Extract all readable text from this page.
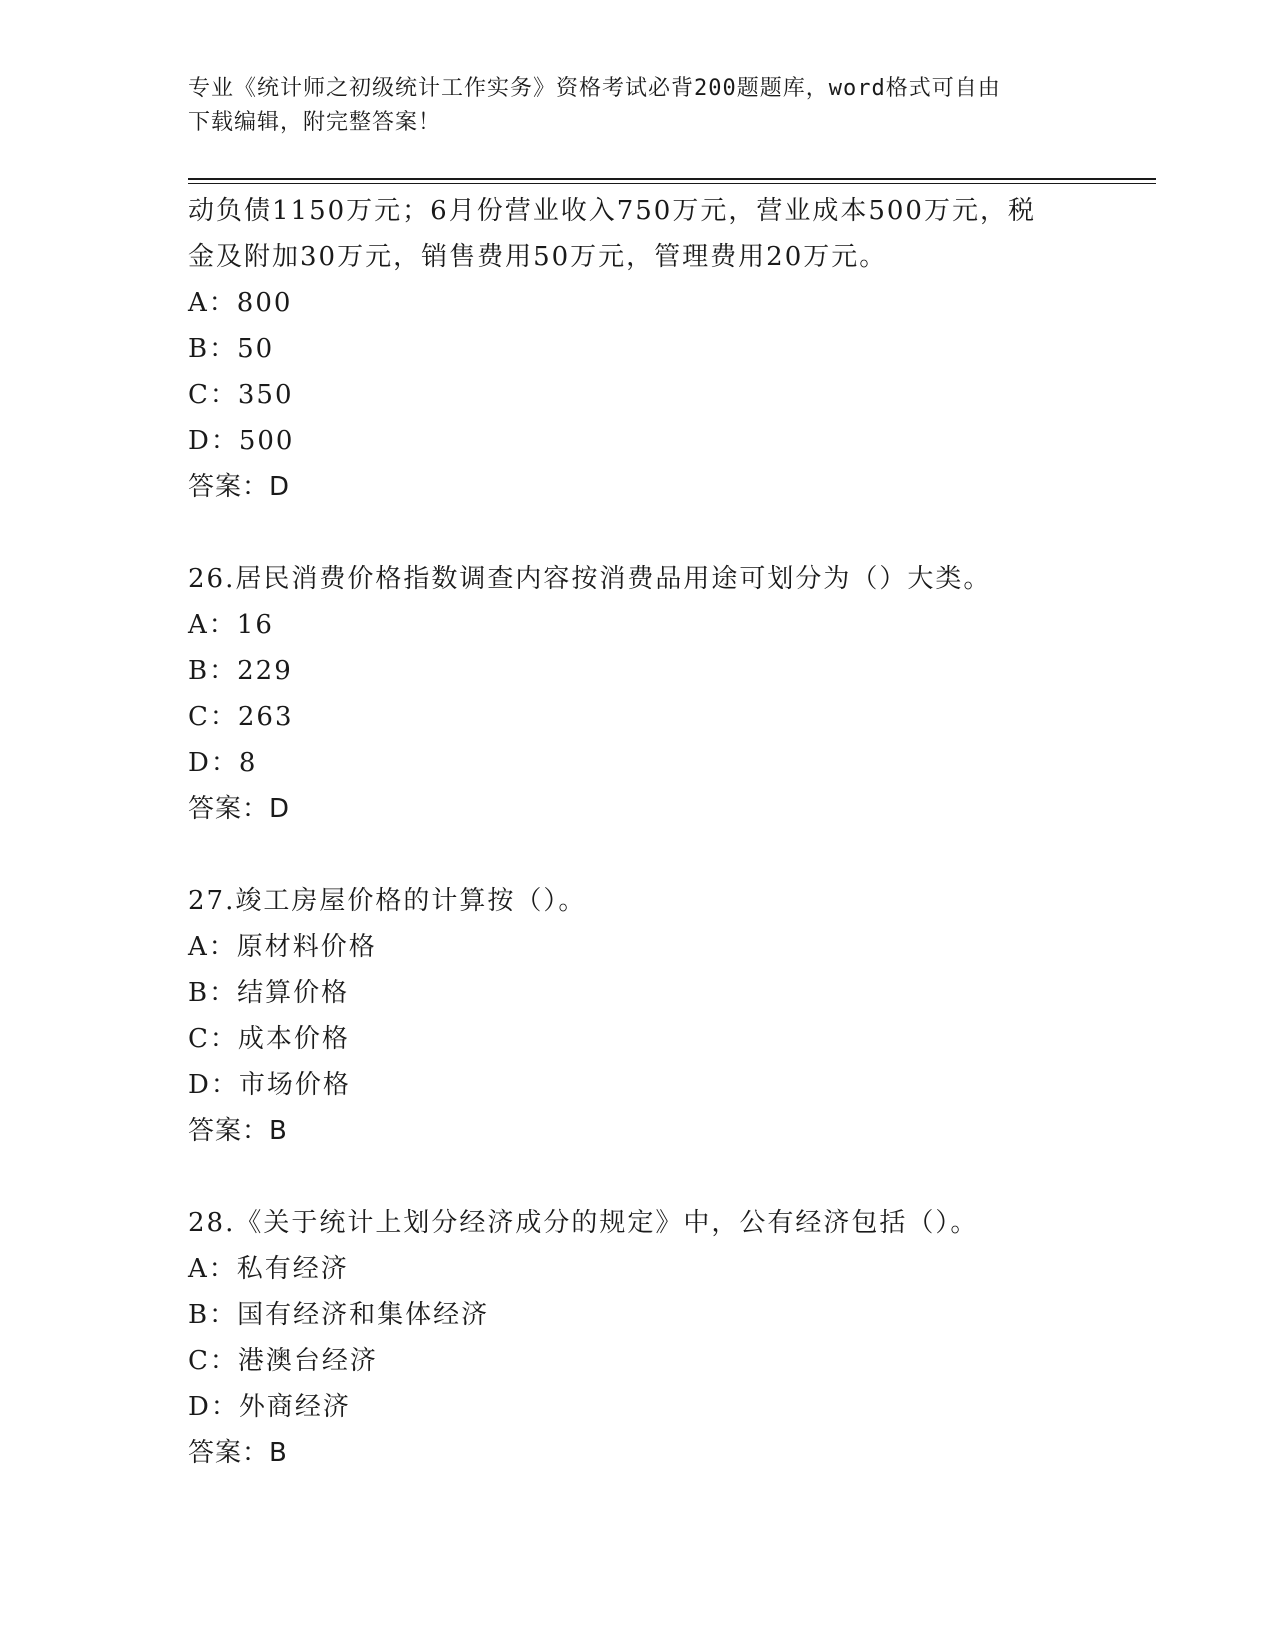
专业《统计师之初级统计工作实务》资格考试必背200题题库，word格式可自由
下载编辑，附完整答案！
动负债1150万元；6月份营业收入750万元，营业成本500万元，税
金及附加30万元，销售费用50万元，管理费用20万元。
A：800
B：50
C：350
D：500
答案：D
26.居民消费价格指数调查内容按消费品用途可划分为（）大类。
A：16
B：229
C：263
D：8
答案：D
27.竣工房屋价格的计算按（）。
A：原材料价格
B：结算价格
C：成本价格
D：市场价格
答案：B
28.《关于统计上划分经济成分的规定》中，公有经济包括（）。
A：私有经济
B：国有经济和集体经济
C：港澳台经济
D：外商经济
答案：B
